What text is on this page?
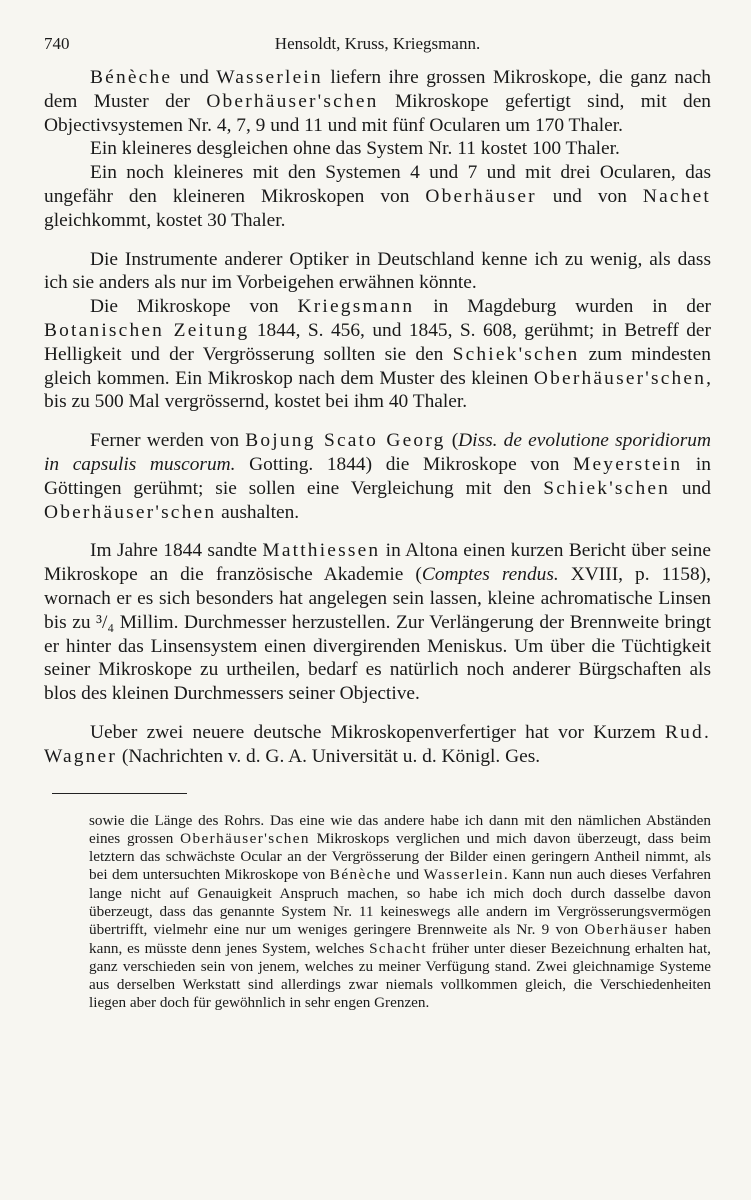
740	Hensoldt, Kruss, Kriegsmann.

Bénèche und Wasserlein liefern ihre grossen Mikroskope, die ganz nach dem Muster der Oberhäuser'schen Mikroskope gefertigt sind, mit den Objectivsystemen Nr. 4, 7, 9 und 11 und mit fünf Ocularen um 170 Thaler.

Ein kleineres desgleichen ohne das System Nr. 11 kostet 100 Thaler.

Ein noch kleineres mit den Systemen 4 und 7 und mit drei Ocularen, das ungefähr den kleineren Mikroskopen von Oberhäuser und von Nachet gleichkommt, kostet 30 Thaler.

Die Instrumente anderer Optiker in Deutschland kenne ich zu wenig, als dass ich sie anders als nur im Vorbeigehen erwähnen könnte.

Die Mikroskope von Kriegsmann in Magdeburg wurden in der Botanischen Zeitung 1844, S. 456, und 1845, S. 608, gerühmt; in Betreff der Helligkeit und der Vergrösserung sollten sie den Schiek'schen zum mindesten gleich kommen. Ein Mikroskop nach dem Muster des kleinen Oberhäuser'schen, bis zu 500 Mal vergrössernd, kostet bei ihm 40 Thaler.

Ferner werden von Bojung Scato Georg (Diss. de evolutione sporidiorum in capsulis muscorum. Gotting. 1844) die Mikroskope von Meyerstein in Göttingen gerühmt; sie sollen eine Vergleichung mit den Schiek'schen und Oberhäuser'schen aushalten.

Im Jahre 1844 sandte Matthiessen in Altona einen kurzen Bericht über seine Mikroskope an die französische Akademie (Comptes rendus. XVIII, p. 1158), wornach er es sich besonders hat angelegen sein lassen, kleine achromatische Linsen bis zu ³/₄ Millim. Durchmesser herzustellen. Zur Verlängerung der Brennweite bringt er hinter das Linsensystem einen divergirenden Meniskus. Um über die Tüchtigkeit seiner Mikroskope zu urtheilen, bedarf es natürlich noch anderer Bürgschaften als blos des kleinen Durchmessers seiner Objective.

Ueber zwei neuere deutsche Mikroskopenverfertiger hat vor Kurzem Rud. Wagner (Nachrichten v. d. G. A. Universität u. d. Königl. Ges.

sowie die Länge des Rohrs. Das eine wie das andere habe ich dann mit den nämlichen Abständen eines grossen Oberhäuser'schen Mikroskops verglichen und mich davon überzeugt, dass beim letztern das schwächste Ocular an der Vergrösserung der Bilder einen geringern Antheil nimmt, als bei dem untersuchten Mikroskope von Bénèche und Wasserlein. Kann nun auch dieses Verfahren lange nicht auf Genauigkeit Anspruch machen, so habe ich mich doch durch dasselbe davon überzeugt, dass das genannte System Nr. 11 keineswegs alle andern im Vergrösserungsvermögen übertrifft, vielmehr eine nur um weniges geringere Brennweite als Nr. 9 von Oberhäuser haben kann, es müsste denn jenes System, welches Schacht früher unter dieser Bezeichnung erhalten hat, ganz verschieden sein von jenem, welches zu meiner Verfügung stand. Zwei gleichnamige Systeme aus derselben Werkstatt sind allerdings zwar niemals vollkommen gleich, die Verschiedenheiten liegen aber doch für gewöhnlich in sehr engen Grenzen.
